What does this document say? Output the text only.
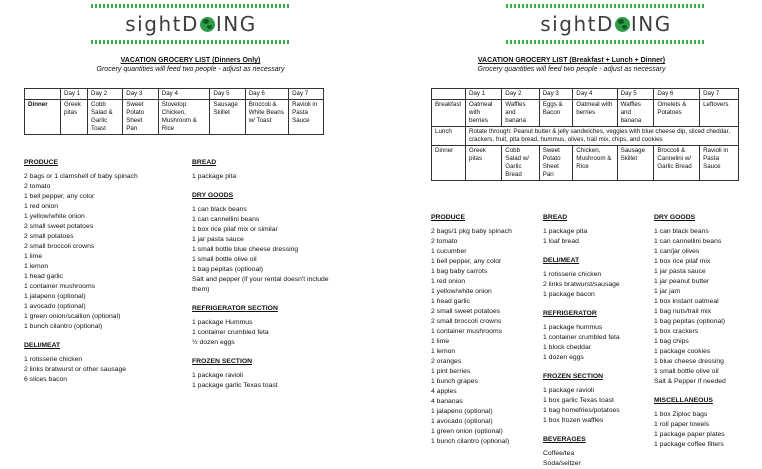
sightD ING
VACATION GROCERY LIST (Dinners Only)
Grocery quantities will feed two people - adjust as necessary
	Day 1	Day 2	Day 3	Day 4	Day 5	Day 6	Day 7
Dinner	Greek pitas	Cobb Salad & Garlic Toast	Sweet Potato Sheet Pan	Stovetop Chicken, Mushroom & Rice	Sausage Skillet	Broccoli & White Beans w/ Toast	Ravioli in Pasta Sauce
PRODUCE
2 bags or 1 clamshell of baby spinach
2 tomato
1 bell pepper, any color
1 red onion
1 yellow/white onion
2 small sweet potatoes
2 small potatoes
2 small broccoli crowns
1 lime
1 lemon
1 head garlic
1 container mushrooms
1 jalapeno (optional)
1 avocado (optional)
1 green onion/scallion (optional)
1 bunch cilantro (optional)
DELI/MEAT
1 rotisserie chicken
2 links bratwurst or other sausage
6 slices bacon
BREAD
1 package pita
DRY GOODS
1 can black beans
1 can cannellini beans
1 box rice pilaf mix or similar
1 jar pasta sauce
1 small bottle blue cheese dressing
1 small bottle olive oil
1 bag pepitas (optional)
Salt and pepper (if your rental doesn't include them)
REFRIGERATOR SECTION
1 package Hummus
1 container crumbled feta
½ dozen eggs
FROZEN SECTION
1 package ravioli
1 package garlic Texas toast
sightD ING
VACATION GROCERY LIST (Breakfast + Lunch + Dinner)
Grocery quantities will feed two people - adjust as necessary
	Day 1	Day 2	Day 3	Day 4	Day 5	Day 6	Day 7
Breakfast	Oatmeal with berries	Waffles and banana	Eggs & Bacon	Oatmeal with berries	Waffles and banana	Omelets & Potatoes	Leftovers
Lunch	Rotate through: Peanut butter & jelly sandwiches, veggies with blue cheese dip, sliced cheddar, crackers, fruit, pita bread, hummus, olives, trail mix, chips, and cookies						
Dinner	Greek pitas	Cobb Salad w/ Garlic Bread	Sweet Potato Sheet Pan	Chicken, Mushroom & Rice	Sausage Skillet	Broccoli & Cannelini w/ Garlic Bread	Ravioli in Pasta Sauce
PRODUCE
2 bags/1 pkg baby spinach
2 tomato
1 cucumber
1 bell pepper, any color
1 bag baby carrots
1 red onion
1 yellow/white onion
1 head garlic
2 small sweet potatoes
2 small broccoli crowns
1 container mushrooms
1 lime
1 lemon
2 oranges
1 pint berries
1 bunch grapes
4 apples
4 bananas
1 jalapeno (optional)
1 avocado (optional)
1 green onion (optional)
1 bunch cilantro (optional)
BREAD
1 package pita
1 loaf bread
DELI/MEAT
1 rotisserie chicken
2 links bratwurst/sausage
1 package bacon
REFRIGERATOR
1 package hummus
1 container crumbled feta
1 block cheddar
1 dozen eggs
FROZEN SECTION
1 package ravioli
1 box garlic Texas toast
1 bag homefries/potatoes
1 box frozen waffles
BEVERAGES
Coffee/tea
Soda/seltzer
DRY GOODS
1 can black beans
1 can cannellini beans
1 can/jar olives
1 box rice pilaf mix
1 jar pasta sauce
1 jar peanut butter
1 jar jam
1 box instant oatmeal
1 bag nuts/trail mix
1 bag pepitas (optional)
1 box crackers
1 bag chips
1 package cookies
1 blue cheese dressing
1 small bottle olive oil
Salt & Pepper if needed
MISCELLANEOUS
1 box Ziploc bags
1 roll paper towels
1 package paper plates
1 package coffee filters
